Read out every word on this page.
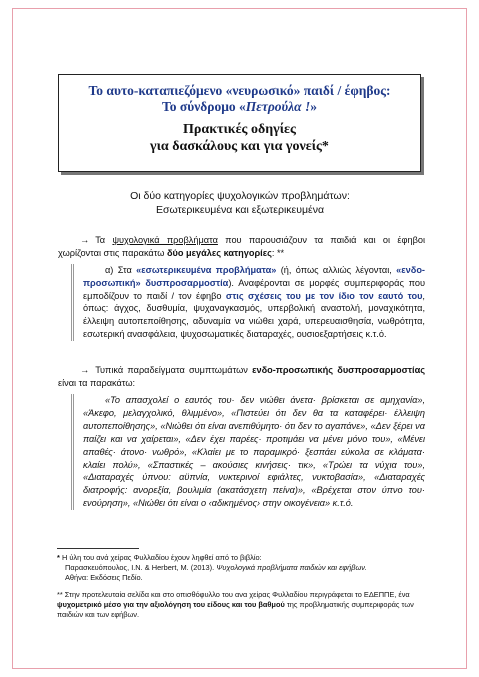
Το αυτο-καταπιεζόμενο «νευρωσικό» παιδί / έφηβος:
Το σύνδρομο «Πετρούλα !»
Πρακτικές οδηγίες
για δασκάλους και για γονείς*
Οι δύο κατηγορίες ψυχολογικών προβλημάτων:
Εσωτερικευμένα και εξωτερικευμένα
→ Τα ψυχολογικά προβλήματα που παρουσιάζουν τα παιδιά και οι έφηβοι χωρίζονται στις παρακάτω δύο μεγάλες κατηγορίες: **
α) Στα «εσωτερικευμένα προβλήματα» (ή, όπως αλλιώς λέγονται, «ενδο-προσωπική» δυσπροσαρμοστία). Αναφέρονται σε μορφές συμπεριφοράς που εμποδίζουν το παιδί / τον έφηβο στις σχέσεις του με τον ίδιο τον εαυτό του, όπως: άγχος, δυσθυμία, ψυχαναγκασμός, υπερβολική αναστολή, μοναχικότητα, έλλειψη αυτοπεποίθησης, αδυναμία να νιώθει χαρά, υπερευαισθησία, νωθρότητα, εσωτερική ανασφάλεια, ψυχοσωματικές διαταραχές, ουσιοεξαρτήσεις κ.τ.ό.
→ Τυπικά παραδείγματα συμπτωμάτων ενδο-προσωπικής δυσπροσαρμοστίας είναι τα παρακάτω:
«Το απασχολεί ο εαυτός του· δεν νιώθει άνετα· βρίσκεται σε αμηχανία», «Άκεφο, μελαγχολικό, θλιμμένο», «Πιστεύει ότι δεν θα τα καταφέρει· έλλειψη αυτοπεποίθησης», «Νιώθει ότι είναι ανεπιθύμητο· ότι δεν το αγαπάνε», «Δεν ξέρει να παίζει και να χαίρεται», «Δεν έχει παρέες· προτιμάει να μένει μόνο του», «Μένει απαθές· άτονο· νωθρό», «Κλαίει με το παραμικρό· ξεσπάει εύκολα σε κλάματα· κλαίει πολύ», «Σπαστικές – ακούσιες κινήσεις· τικ», «Τρώει τα νύχια του», «Διαταραχές ύπνου: αϋπνία, νυκτερινοί εφιάλτες, νυκτοβασία», «Διαταραχές διατροφής: ανορεξία, βουλιμία (ακατάσχετη πείνα)», «Βρέχεται στον ύπνο του· ενούρηση», «Νιώθει ότι είναι ο ‹αδικημένος› στην οικογένεια» κ.τ.ό.
* Η ύλη του ανά χείρας Φυλλαδίου έχουν ληφθεί από το βιβλίο:
Παρασκευόπουλος, Ι.Ν. & Herbert, M. (2013). Ψυχολογικά προβλήματα παιδιών και εφήβων.
Αθήνα: Εκδόσεις Πεδίο.
** Στην προτελευταία σελίδα και στο οπισθόφυλλο του ανα χείρας Φυλλαδίου περιγράφεται το ΕΔΕΠΠΕ, ένα ψυχομετρικό μέσο για την αξιολόγηση του είδους και του βαθμού της προβληματικής συμπεριφοράς των παιδιών και των εφήβων.
